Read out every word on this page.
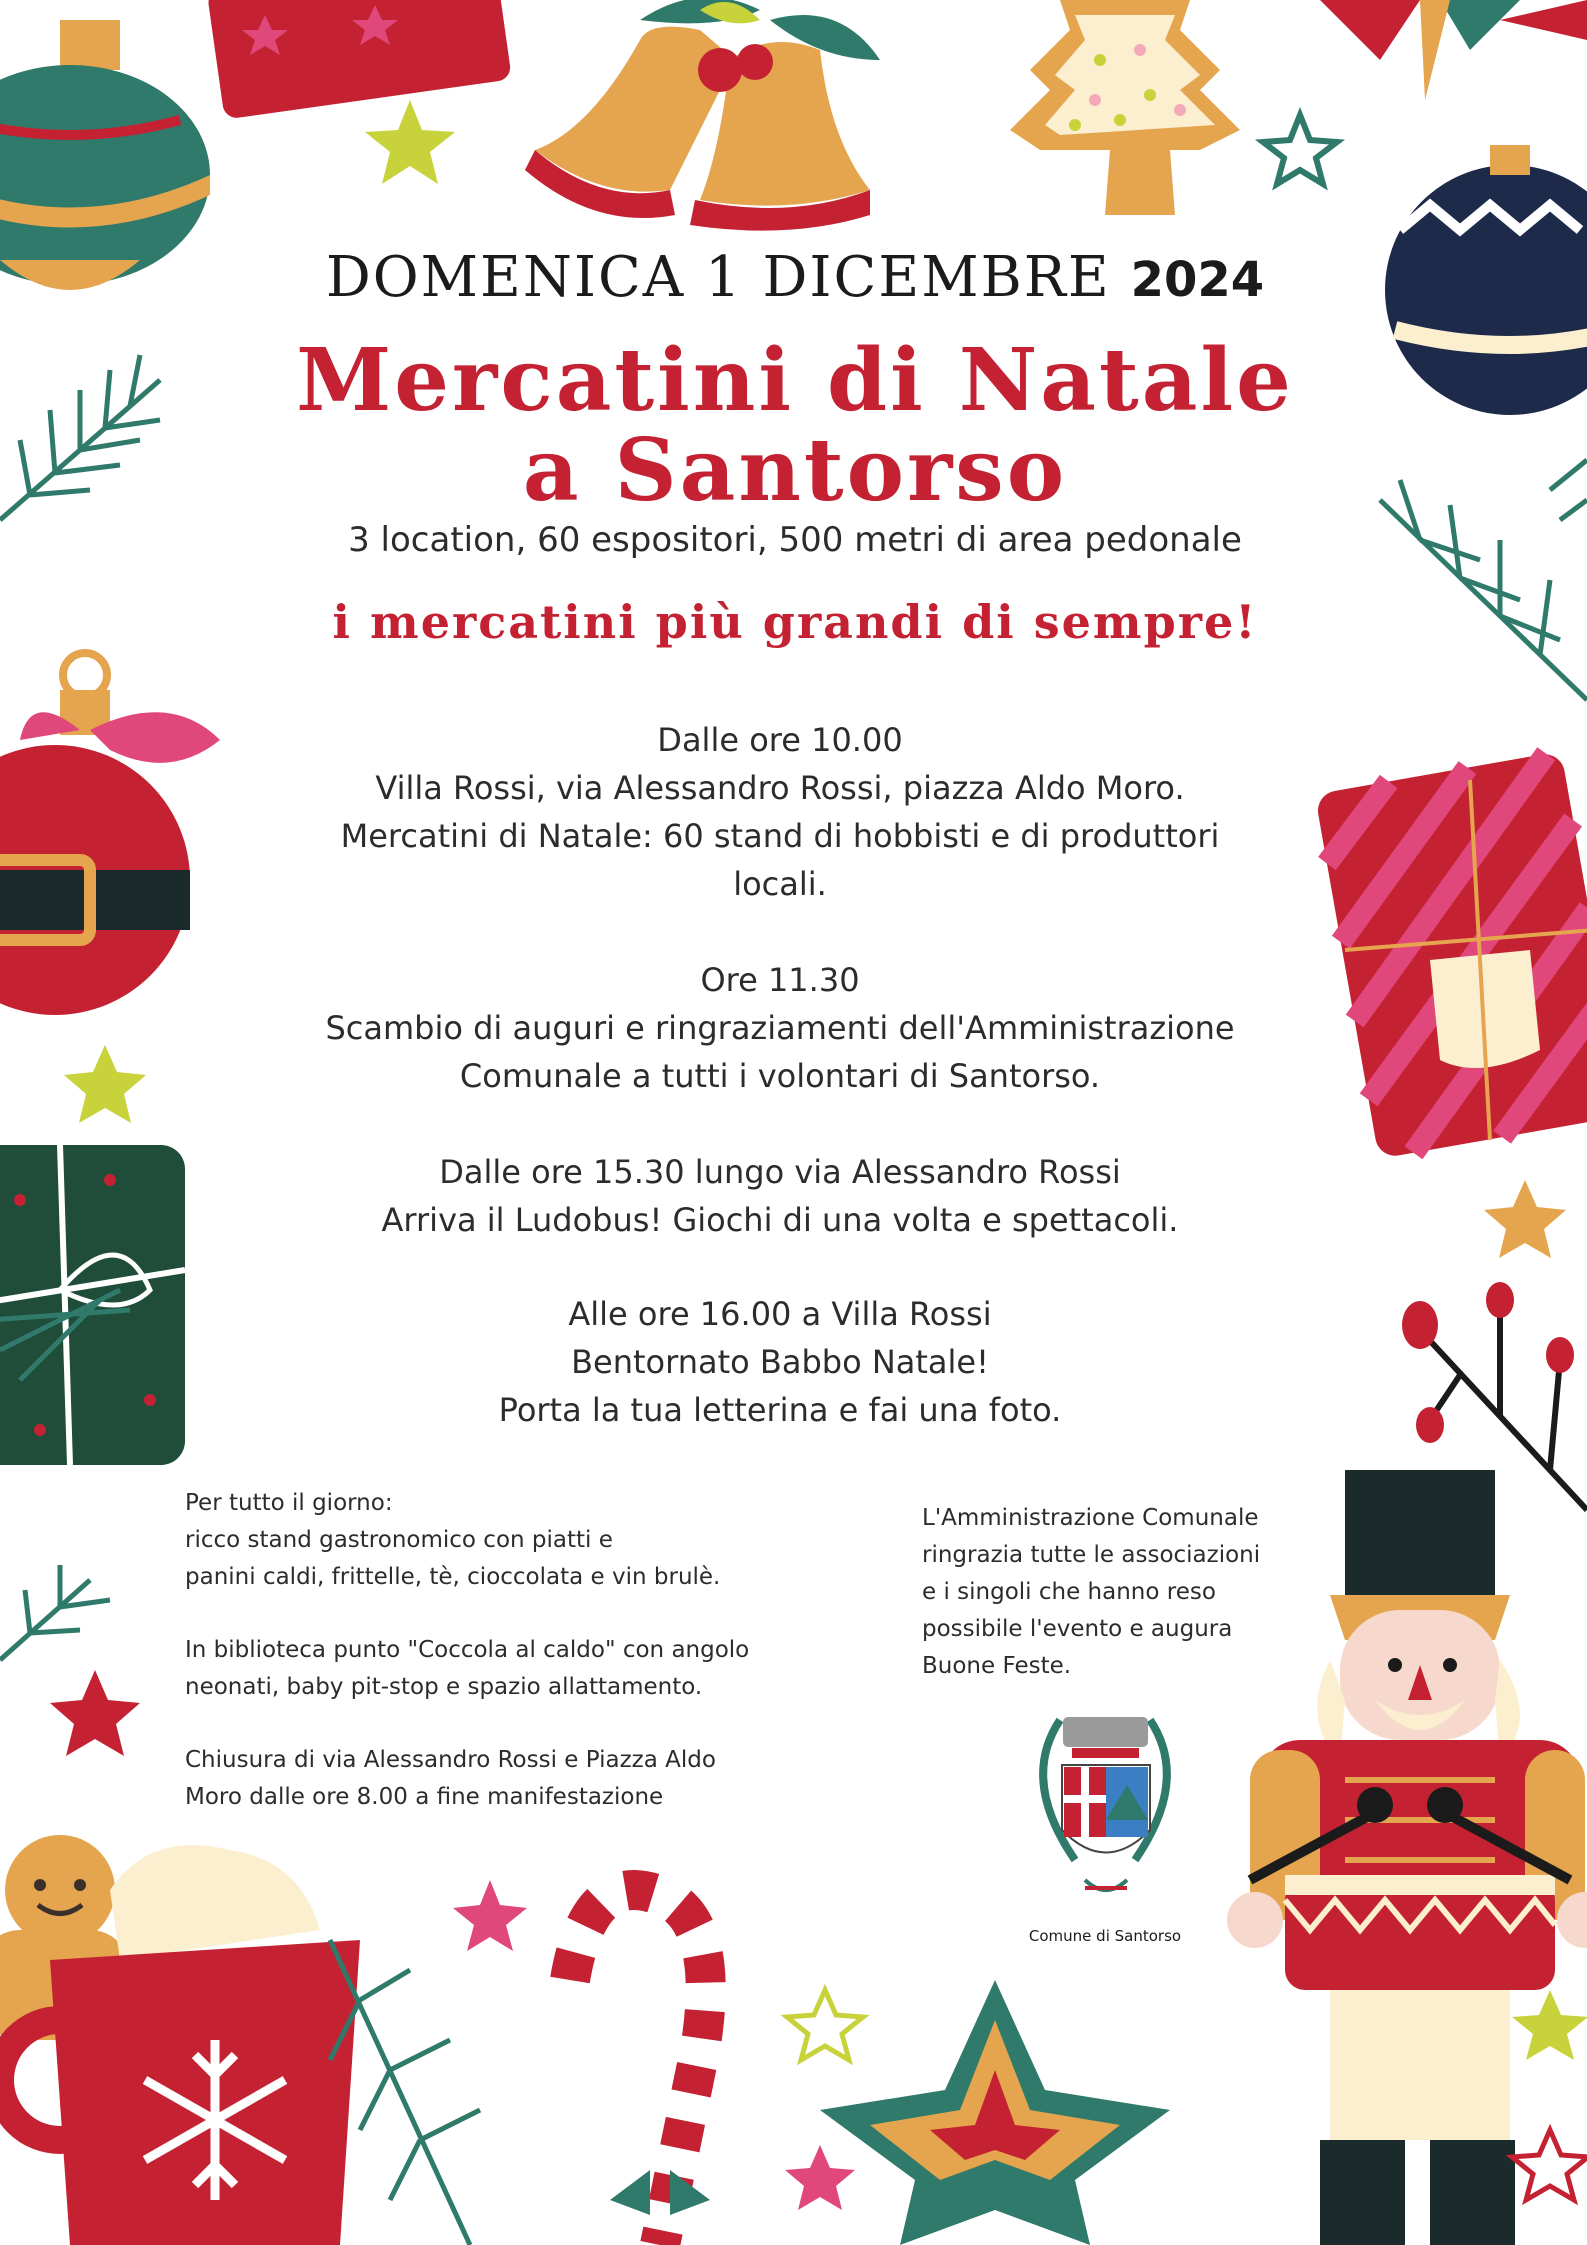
DOMENICA 1 DICEMBRE 2024
Mercatini di Natale
a Santorso
3 location, 60 espositori, 500 metri di area pedonale
i mercatini più grandi di sempre!
Dalle ore 10.00
Villa Rossi, via Alessandro Rossi, piazza Aldo Moro.
Mercatini di Natale: 60 stand di hobbisti e di produttori
locali.
Ore 11.30
Scambio di auguri e ringraziamenti dell'Amministrazione
Comunale a tutti i volontari di Santorso.
Dalle ore 15.30 lungo via Alessandro Rossi
Arriva il Ludobus! Giochi di una volta e spettacoli.
Alle ore 16.00 a Villa Rossi
Bentornato Babbo Natale!
Porta la tua letterina e fai una foto.
Per tutto il giorno:
ricco stand gastronomico con piatti e
panini caldi, frittelle, tè, cioccolata e vin brulè.
In biblioteca punto "Coccola al caldo" con angolo
neonati, baby pit-stop e spazio allattamento.
Chiusura di via Alessandro Rossi e Piazza Aldo
Moro dalle ore 8.00 a fine manifestazione
L'Amministrazione Comunale
ringrazia tutte le associazioni
e i singoli che hanno reso
possibile l'evento e augura
Buone Feste.
Comune di Santorso
